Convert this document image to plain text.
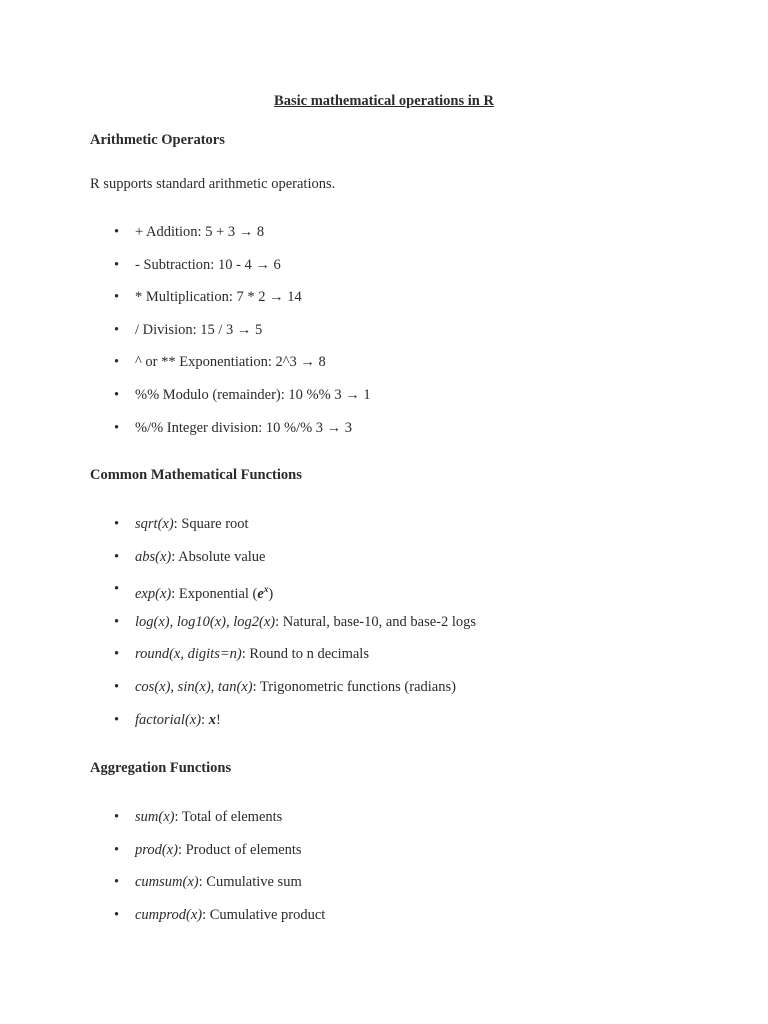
Basic mathematical operations in R
Arithmetic Operators

R supports standard arithmetic operations.

• + Addition: 5 + 3 → 8
• - Subtraction: 10 - 4 → 6
• * Multiplication: 7 * 2 → 14
• / Division: 15 / 3 → 5
• ^ or ** Exponentiation: 2^3 → 8
• %% Modulo (remainder): 10 %% 3 → 1
• %/% Integer division: 10 %/% 3 → 3
Common Mathematical Functions
• sqrt(x): Square root
• abs(x): Absolute value
• exp(x): Exponential $(e^x)$
• log(x), log10(x), log2(x): Natural, base-10, and base-2 logs
• round(x, digits=n): Round to n decimals
• cos(x), sin(x), tan(x): Trigonometric functions (radians)
• factorial(x): x!
Aggregation Functions
• sum(x): Total of elements
• prod(x): Product of elements
• cumsum(x): Cumulative sum
• cumprod(x): Cumulative product
